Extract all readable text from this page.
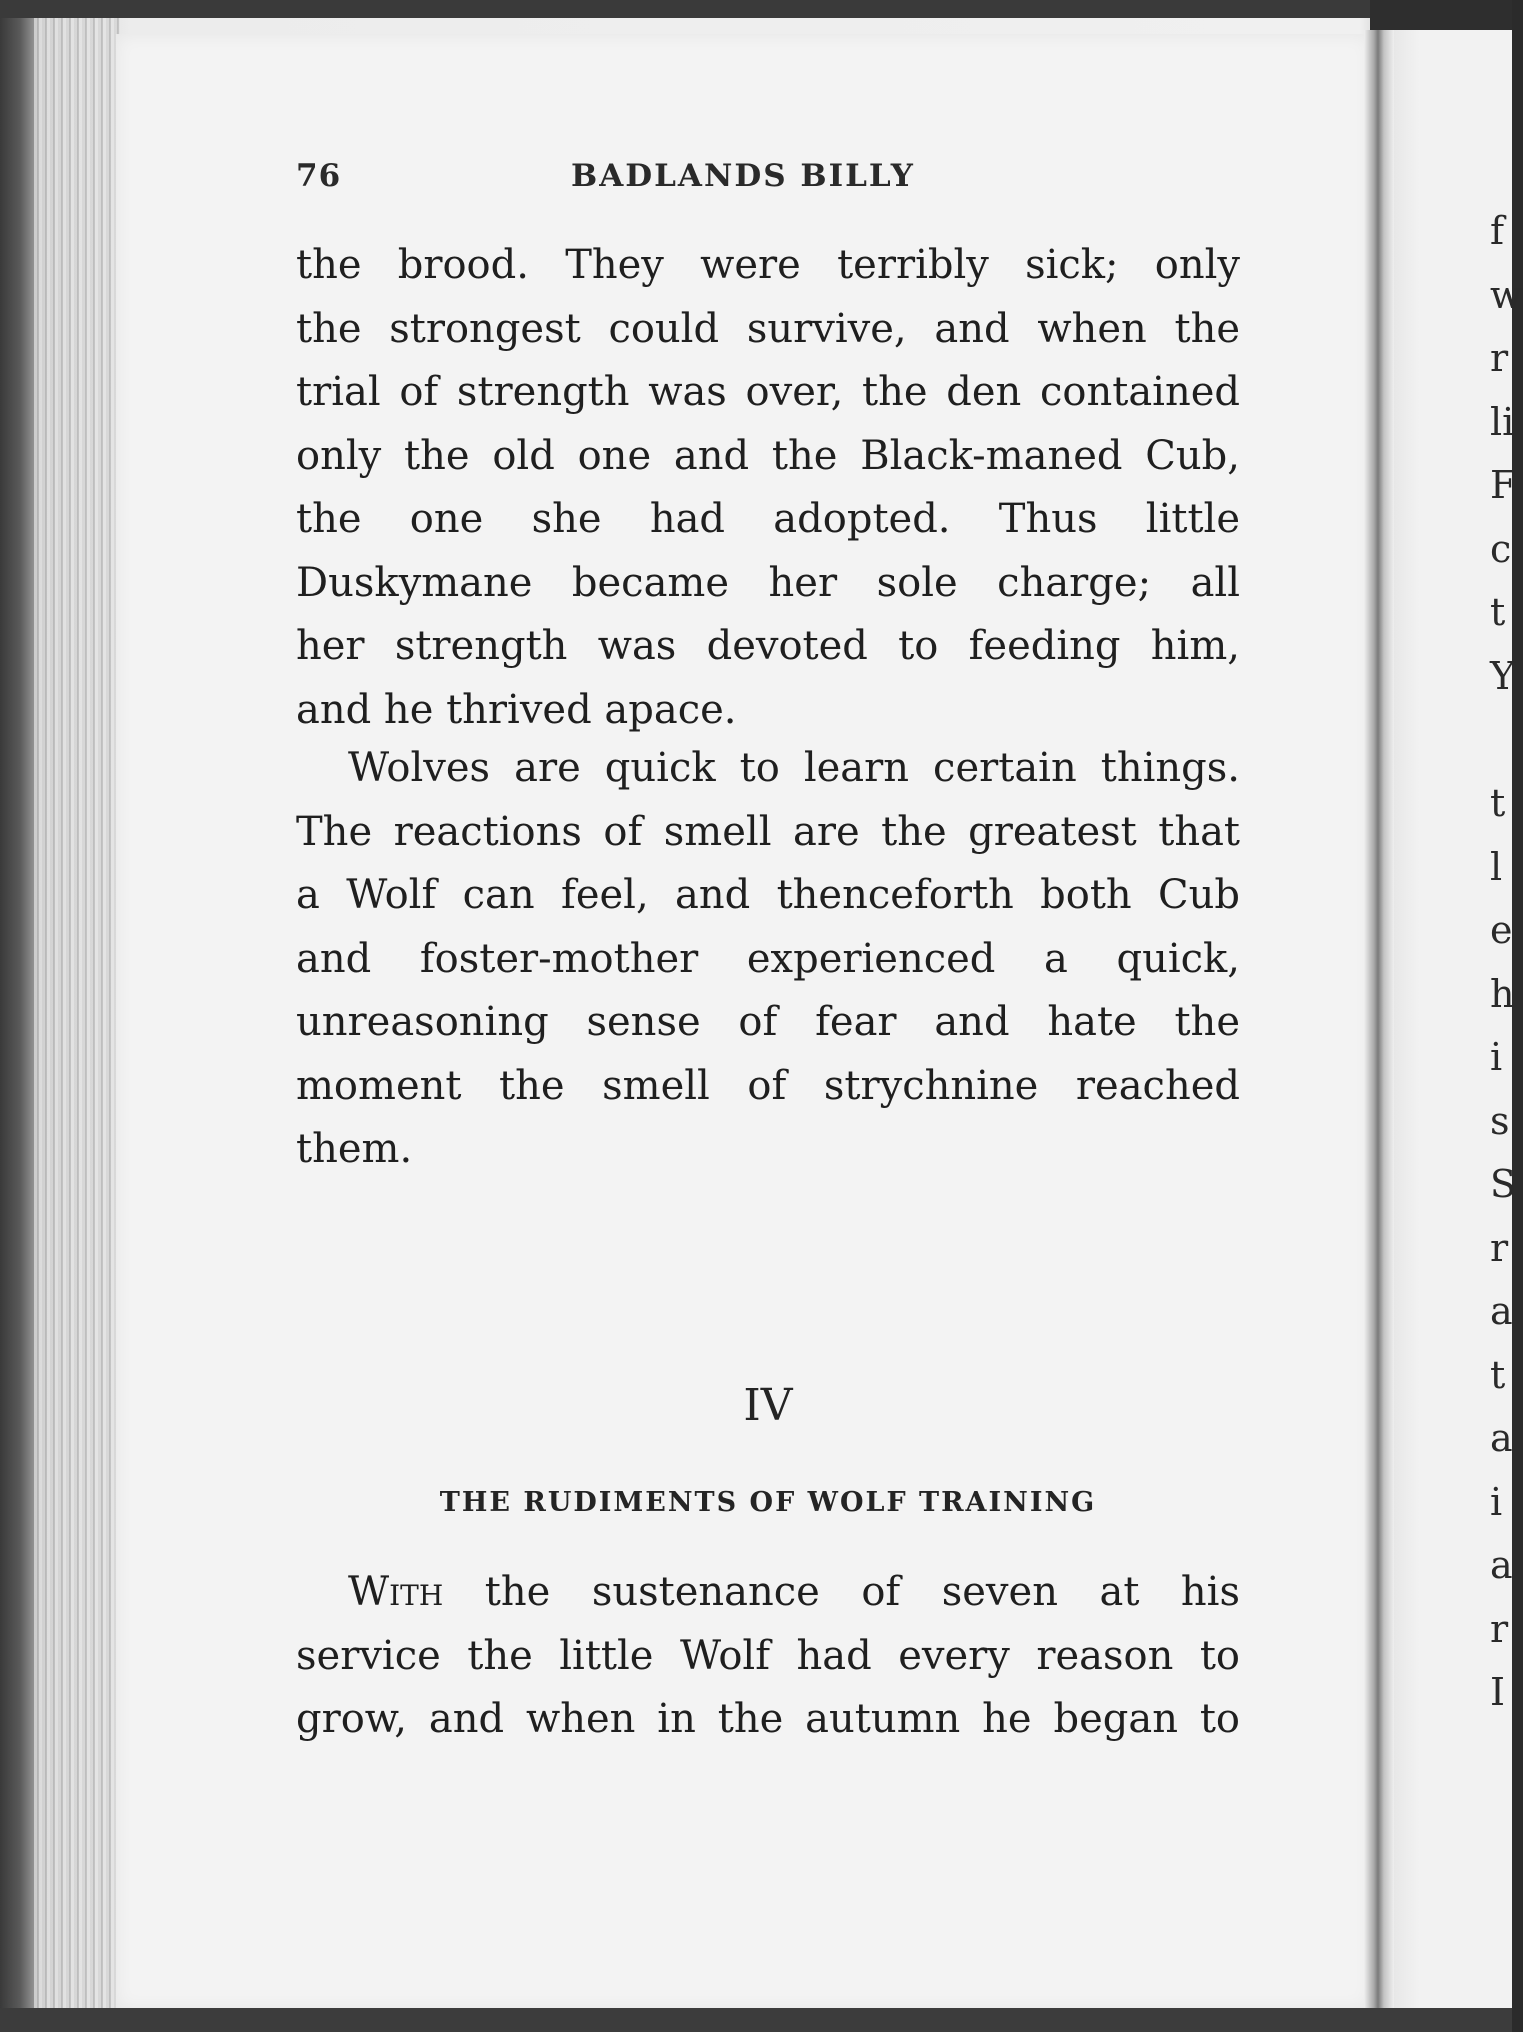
76	BADLANDS BILLY
the brood. They were terribly sick; only
the strongest could survive, and when the
trial of strength was over, the den contained
only the old one and the Black-maned Cub,
the one she had adopted. Thus little
Duskymane became her sole charge; all
her strength was devoted to feeding him,
and he thrived apace.
Wolves are quick to learn certain things.
The reactions of smell are the greatest that
a Wolf can feel, and thenceforth both Cub
and foster-mother experienced a quick,
unreasoning sense of fear and hate the
moment the smell of strychnine reached
them.
IV
THE RUDIMENTS OF WOLF TRAINING
With the sustenance of seven at his
service the little Wolf had every reason to
grow, and when in the autumn he began to
f
w
r
li
F
c
t
Y
t
l
e
h
i
s
S
r
a
t
a
i
a
r
I
